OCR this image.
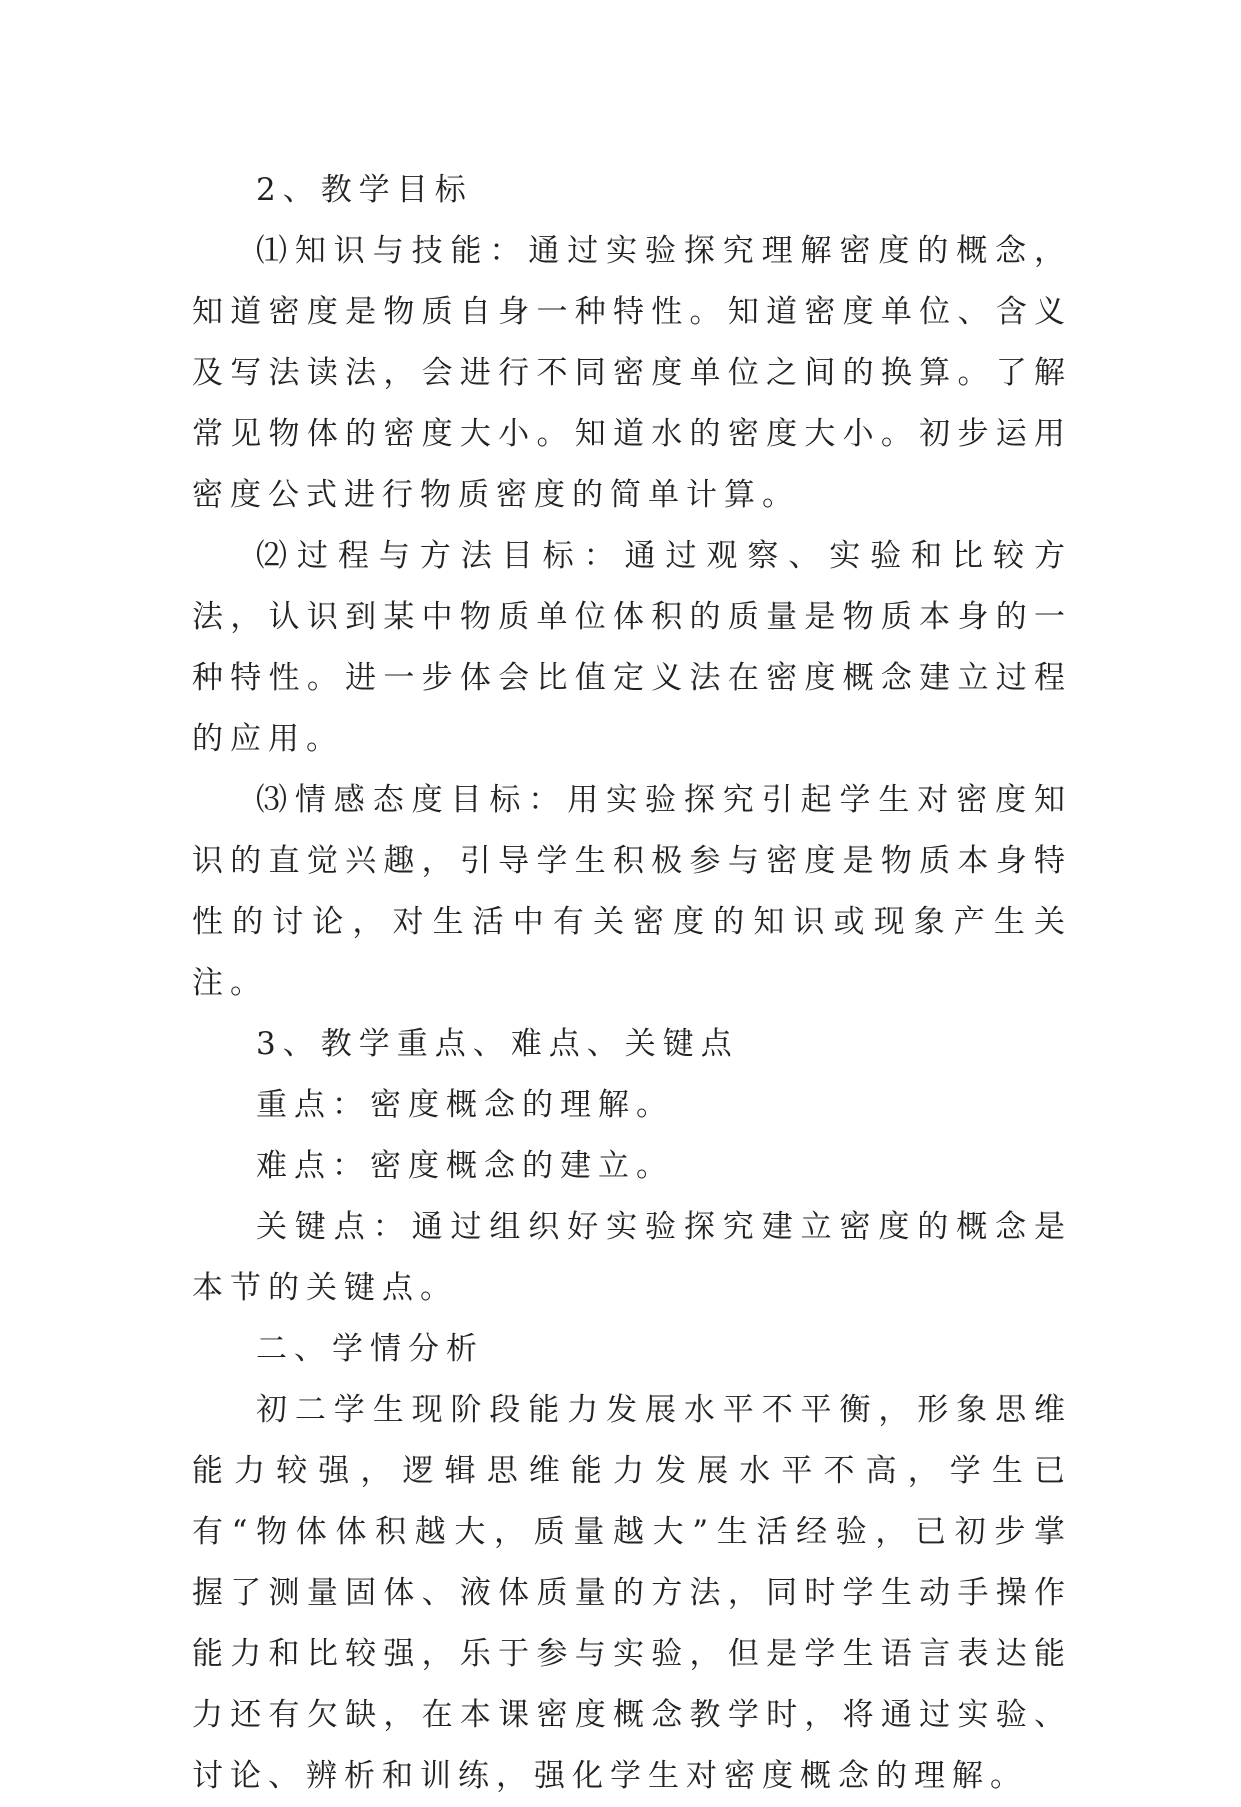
2、教学目标

⑴知识与技能：通过实验探究理解密度的概念，知道密度是物质自身一种特性。知道密度单位、含义及写法读法，会进行不同密度单位之间的换算。了解常见物体的密度大小。知道水的密度大小。初步运用密度公式进行物质密度的简单计算。

⑵过程与方法目标：通过观察、实验和比较方法，认识到某中物质单位体积的质量是物质本身的一种特性。进一步体会比值定义法在密度概念建立过程的应用。

⑶情感态度目标：用实验探究引起学生对密度知识的直觉兴趣，引导学生积极参与密度是物质本身特性的讨论，对生活中有关密度的知识或现象产生关注。

3、教学重点、难点、关键点

重点：密度概念的理解。

难点：密度概念的建立。

关键点：通过组织好实验探究建立密度的概念是本节的关键点。

二、学情分析

初二学生现阶段能力发展水平不平衡，形象思维能力较强，逻辑思维能力发展水平不高，学生已有“物体体积越大，质量越大”生活经验，已初步掌握了测量固体、液体质量的方法，同时学生动手操作能力和比较强，乐于参与实验，但是学生语言表达能力还有欠缺，在本课密度概念教学时，将通过实验、讨论、辨析和训练，强化学生对密度概念的理解。
